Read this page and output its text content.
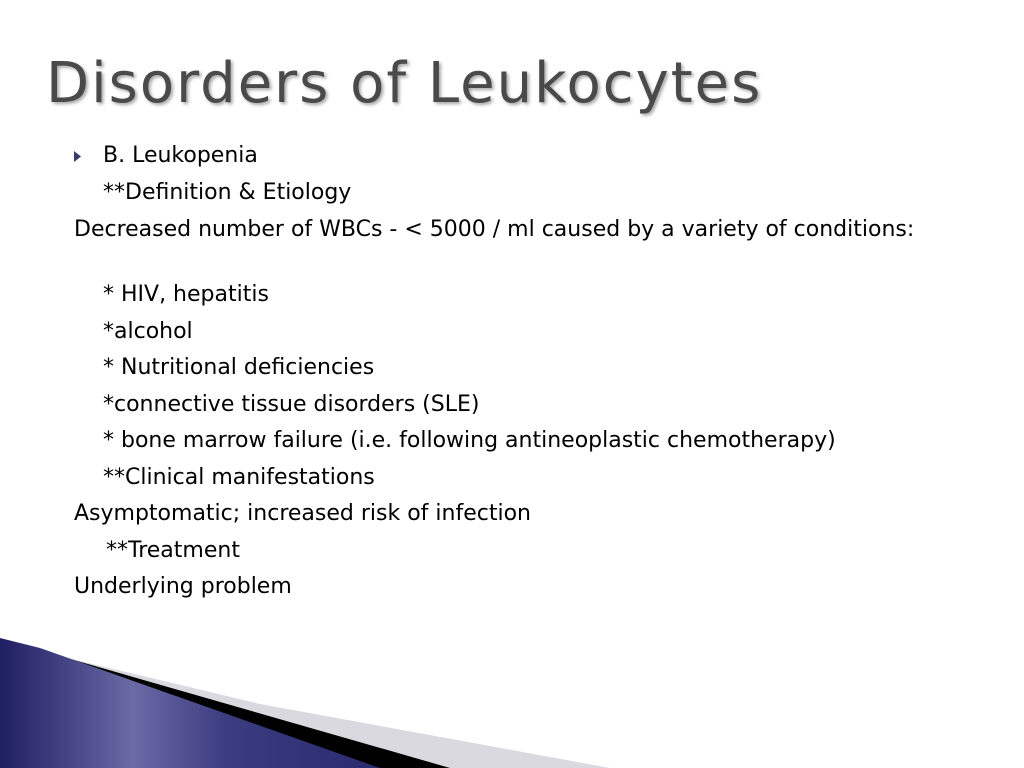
Disorders of Leukocytes
B. Leukopenia
**Definition & Etiology
Decreased number of WBCs - < 5000 / ml caused by a variety of conditions:
* HIV, hepatitis
*alcohol
* Nutritional deficiencies
*connective tissue disorders (SLE)
* bone marrow failure (i.e. following antineoplastic chemotherapy)
**Clinical manifestations
Asymptomatic; increased risk of infection
**Treatment
Underlying problem
